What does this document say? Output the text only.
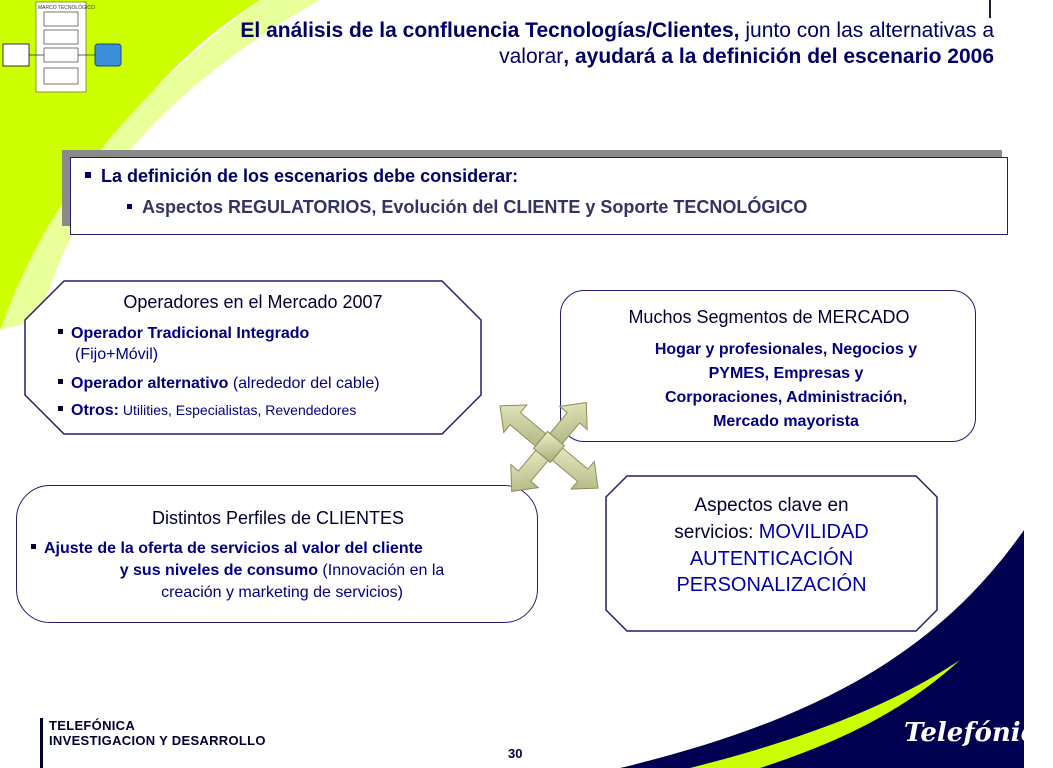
MARCO TECNOLÓGICO
El análisis de la confluencia Tecnologías/Clientes, junto con las alternativas a valorar, ayudará a la definición del escenario 2006
La definición de los escenarios debe considerar:
Aspectos REGULATORIOS, Evolución del CLIENTE y Soporte TECNOLÓGICO
Operadores en el Mercado 2007
Operador Tradicional Integrado
(Fijo+Móvil)
Operador alternativo (alrededor del cable)
Otros: Utilities, Especialistas, Revendedores
Muchos Segmentos de MERCADO
Hogar y profesionales, Negocios y
PYMES, Empresas y
Corporaciones, Administración,
Mercado mayorista
Distintos Perfiles de CLIENTES
Ajuste de la oferta de servicios al valor del cliente
y sus niveles de consumo (Innovación en la
creación y marketing de servicios)
Aspectos clave en
servicios: MOVILIDAD
AUTENTICACIÓN
PERSONALIZACIÓN
TELEFÓNICA
INVESTIGACION Y DESARROLLO
30
Telefónica
